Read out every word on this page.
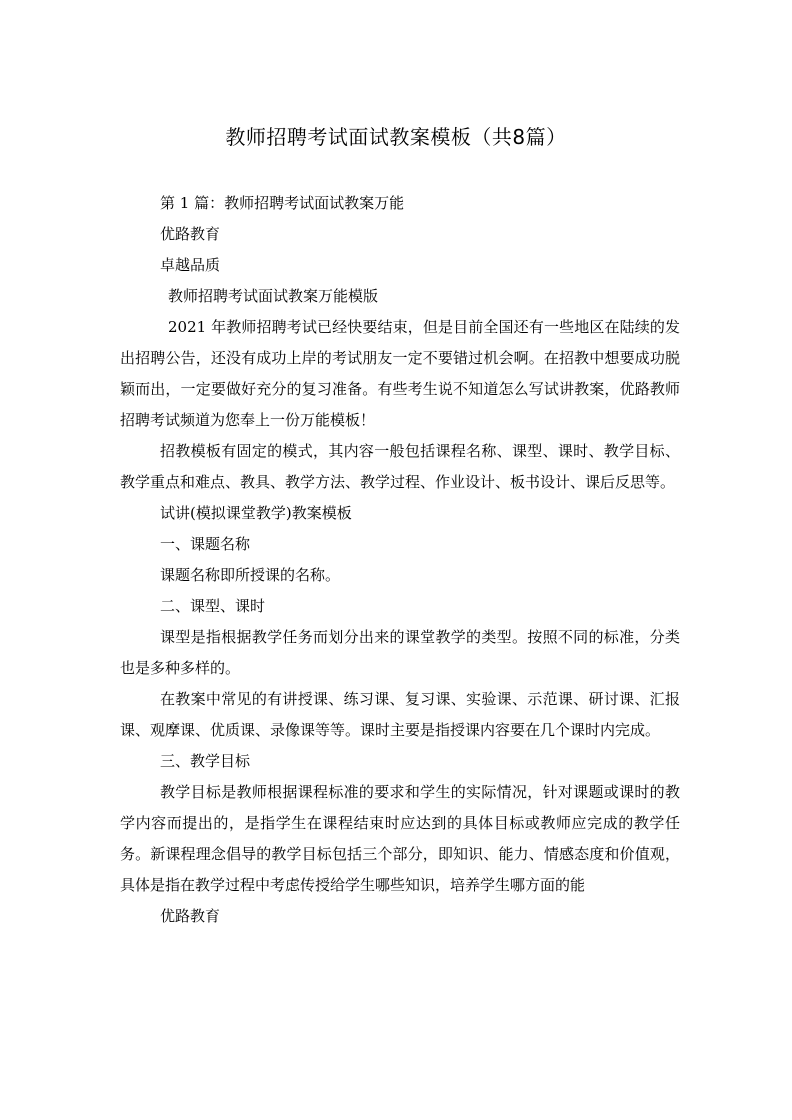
教师招聘考试面试教案模板（共8篇）

第 1 篇：教师招聘考试面试教案万能

优路教育

卓越品质

教师招聘考试面试教案万能模版

2021 年教师招聘考试已经快要结束，但是目前全国还有一些地区在陆续的发出招聘公告，还没有成功上岸的考试朋友一定不要错过机会啊。在招教中想要成功脱颖而出，一定要做好充分的复习准备。有些考生说不知道怎么写试讲教案，优路教师招聘考试频道为您奉上一份万能模板！

招教模板有固定的模式，其内容一般包括课程名称、课型、课时、教学目标、教学重点和难点、教具、教学方法、教学过程、作业设计、板书设计、课后反思等。

试讲(模拟课堂教学)教案模板

一、课题名称

课题名称即所授课的名称。

二、课型、课时

课型是指根据教学任务而划分出来的课堂教学的类型。按照不同的标准，分类也是多种多样的。

在教案中常见的有讲授课、练习课、复习课、实验课、示范课、研讨课、汇报课、观摩课、优质课、录像课等等。课时主要是指授课内容要在几个课时内完成。

三、教学目标

教学目标是教师根据课程标准的要求和学生的实际情况，针对课题或课时的教学内容而提出的，是指学生在课程结束时应达到的具体目标或教师应完成的教学任务。新课程理念倡导的教学目标包括三个部分，即知识、能力、情感态度和价值观，具体是指在教学过程中考虑传授给学生哪些知识，培养学生哪方面的能

优路教育
